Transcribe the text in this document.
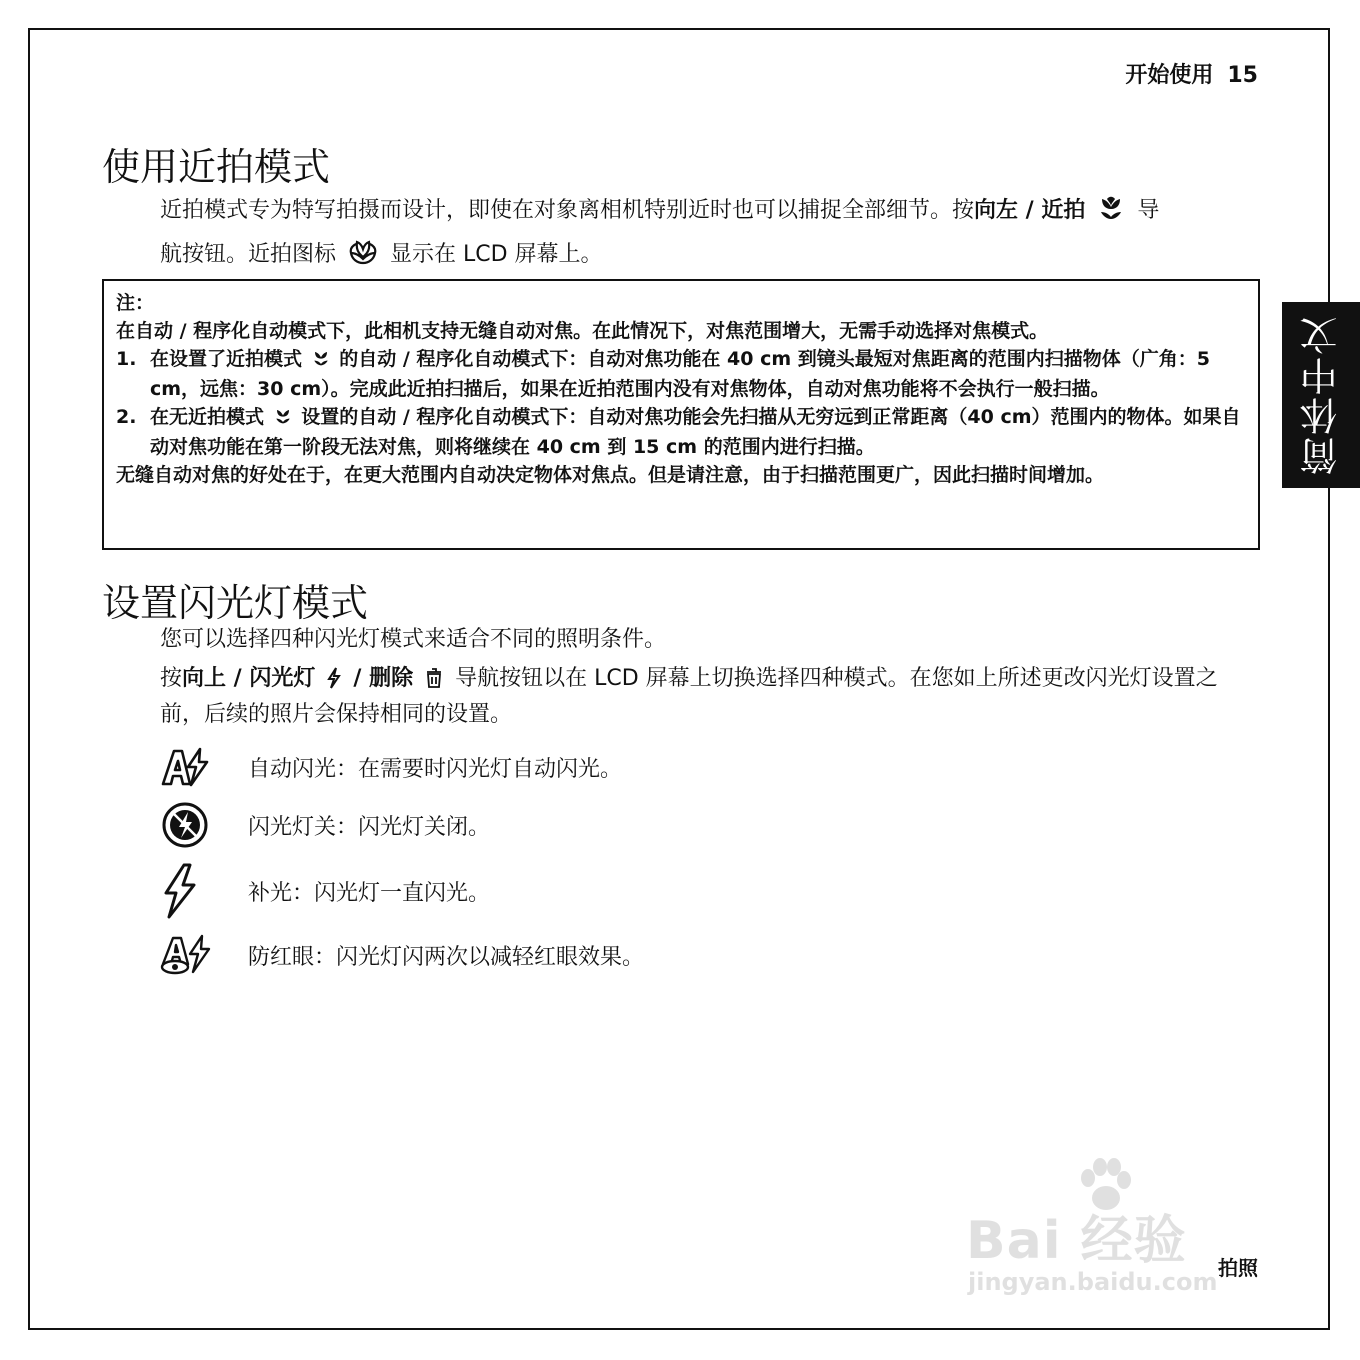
开始使用 15
简体中文
使用近拍模式

近拍模式专为特写拍摄而设计，即使在对象离相机特别近时也可以捕捉全部细节。按向左 / 近拍 导
航按钮。近拍图标 显示在 LCD 屏幕上。

注：

在自动 / 程序化自动模式下，此相机支持无缝自动对焦。在此情况下，对焦范围增大，无需手动选择对焦模式。

1. 在设置了近拍模式 的自动 / 程序化自动模式下：自动对焦功能在 40 cm 到镜头最短对焦距离的范围内扫描物体（广角：5 cm，远焦：30 cm）。完成此近拍扫描后，如果在近拍范围内没有对焦物体，自动对焦功能将不会执行一般扫描。

2. 在无近拍模式 设置的自动 / 程序化自动模式下：自动对焦功能会先扫描从无穷远到正常距离（40 cm）范围内的物体。如果自动对焦功能在第一阶段无法对焦，则将继续在 40 cm 到 15 cm 的范围内进行扫描。

无缝自动对焦的好处在于，在更大范围内自动决定物体对焦点。但是请注意，由于扫描范围更广，因此扫描时间增加。

设置闪光灯模式

您可以选择四种闪光灯模式来适合不同的照明条件。

按向上 / 闪光灯 / 删除 导航按钮以在 LCD 屏幕上切换选择四种模式。在您如上所述更改闪光灯设置之前，后续的照片会保持相同的设置。

自动闪光：在需要时闪光灯自动闪光。
闪光灯关：闪光灯关闭。
补光：闪光灯一直闪光。
防红眼：闪光灯闪两次以减轻红眼效果。
Bai 经验
jingyan.baidu.com 拍照
